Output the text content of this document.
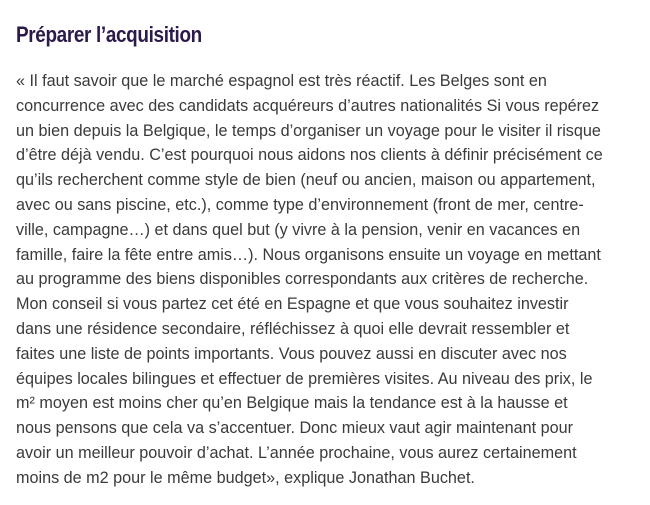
Préparer l’acquisition

« Il faut savoir que le marché espagnol est très réactif. Les Belges sont en
concurrence avec des candidats acquéreurs d’autres nationalités Si vous repérez
un bien depuis la Belgique, le temps d’organiser un voyage pour le visiter il risque
d’être déjà vendu. C’est pourquoi nous aidons nos clients à définir précisément ce
qu’ils recherchent comme style de bien (neuf ou ancien, maison ou appartement,
avec ou sans piscine, etc.), comme type d’environnement (front de mer, centre-
ville, campagne…) et dans quel but (y vivre à la pension, venir en vacances en
famille, faire la fête entre amis…). Nous organisons ensuite un voyage en mettant
au programme des biens disponibles correspondants aux critères de recherche.
Mon conseil si vous partez cet été en Espagne et que vous souhaitez investir
dans une résidence secondaire, réfléchissez à quoi elle devrait ressembler et
faites une liste de points importants. Vous pouvez aussi en discuter avec nos
équipes locales bilingues et effectuer de premières visites. Au niveau des prix, le
m² moyen est moins cher qu’en Belgique mais la tendance est à la hausse et
nous pensons que cela va s’accentuer. Donc mieux vaut agir maintenant pour
avoir un meilleur pouvoir d’achat. L’année prochaine, vous aurez certainement
moins de m2 pour le même budget», explique Jonathan Buchet.
